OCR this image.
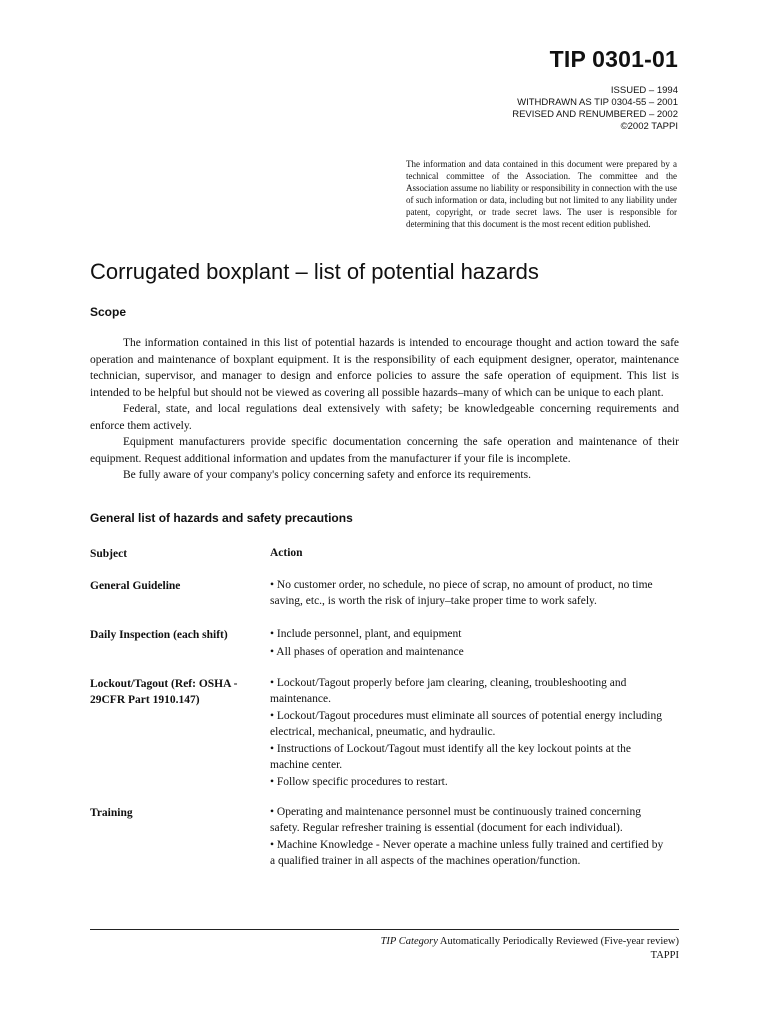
TIP 0301-01
ISSUED – 1994
WITHDRAWN AS TIP 0304-55 – 2001
REVISED AND RENUMBERED – 2002
©2002 TAPPI
The information and data contained in this document were prepared by a technical committee of the Association. The committee and the Association assume no liability or responsibility in connection with the use of such information or data, including but not limited to any liability under patent, copyright, or trade secret laws. The user is responsible for determining that this document is the most recent edition published.
Corrugated boxplant – list of potential hazards
Scope

The information contained in this list of potential hazards is intended to encourage thought and action toward the safe operation and maintenance of boxplant equipment. It is the responsibility of each equipment designer, operator, maintenance technician, supervisor, and manager to design and enforce policies to assure the safe operation of equipment. This list is intended to be helpful but should not be viewed as covering all possible hazards–many of which can be unique to each plant.

Federal, state, and local regulations deal extensively with safety; be knowledgeable concerning requirements and enforce them actively.

Equipment manufacturers provide specific documentation concerning the safe operation and maintenance of their equipment. Request additional information and updates from the manufacturer if your file is incomplete.

Be fully aware of your company's policy concerning safety and enforce its requirements.

General list of hazards and safety precautions
Subject	Action
General Guideline	• No customer order, no schedule, no piece of scrap, no amount of product, no time saving, etc., is worth the risk of injury–take proper time to work safely.
Daily Inspection (each shift)	• Include personnel, plant, and equipment
• All phases of operation and maintenance
Lockout/Tagout (Ref: OSHA - 29CFR Part 1910.147)
• Lockout/Tagout properly before jam clearing, cleaning, troubleshooting and maintenance.
• Lockout/Tagout procedures must eliminate all sources of potential energy including electrical, mechanical, pneumatic, and hydraulic.
• Instructions of Lockout/Tagout must identify all the key lockout points at the machine center.
• Follow specific procedures to restart.
Training	• Operating and maintenance personnel must be continuously trained concerning safety. Regular refresher training is essential (document for each individual).
• Machine Knowledge - Never operate a machine unless fully trained and certified by a qualified trainer in all aspects of the machines operation/function.
TIP Category Automatically Periodically Reviewed (Five-year review)
TAPPI
